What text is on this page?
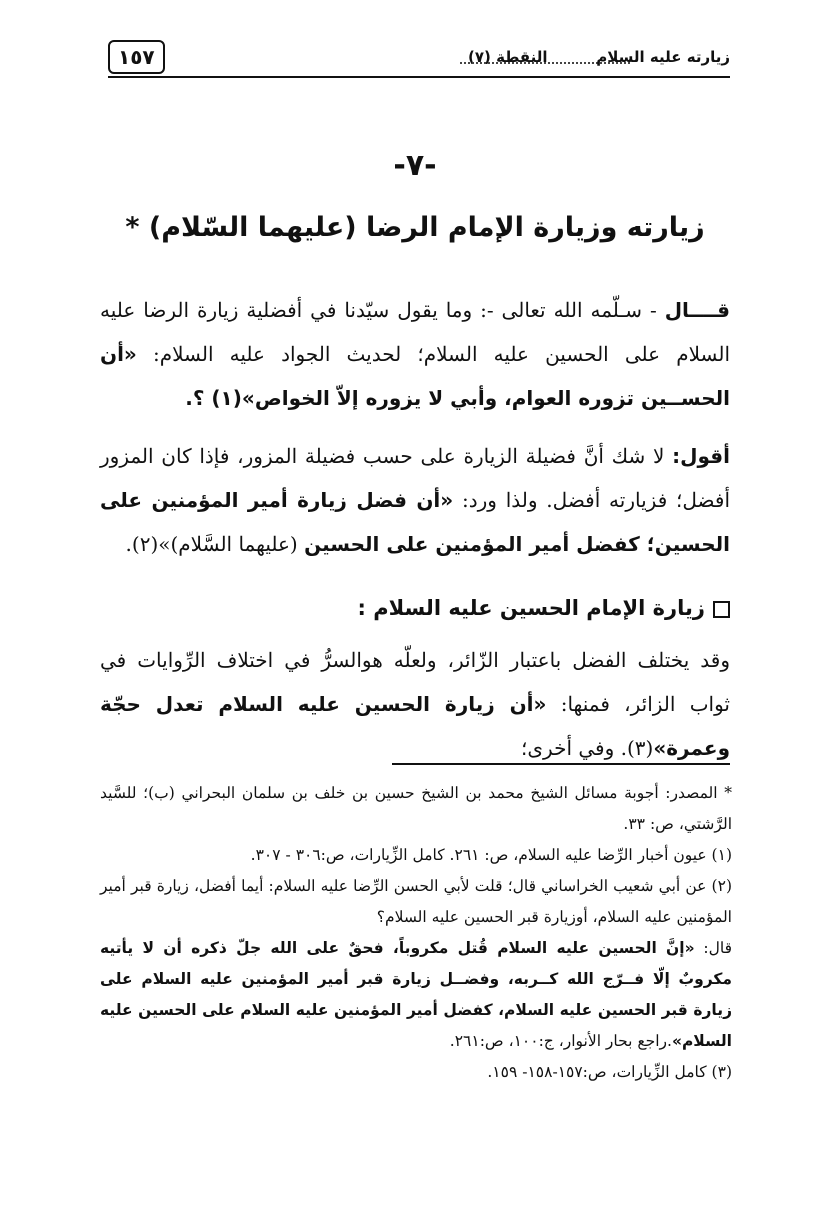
١٥٧	النقطة (٧)	زيارته عليه السلام
-٧-
زيارته وزيارة الإمام الرضا (عليهما السّلام) *

قــــال - سـلّمه الله تعالى -: وما يقول سيّدنا في أفضلية زيارة الرضا عليه السلام على الحسين عليه السلام؛ لحديث الجواد عليه السلام: «أن الحســين تزوره العوام، وأبي لا يزوره إلاّ الخواص»(١) ؟.

أقول: لا شك أنَّ فضيلة الزيارة على حسب فضيلة المزور، فإذا كان المزور أفضل؛ فزيارته أفضل. ولذا ورد: «أن فضل زيارة أمير المؤمنين على الحسين؛ كفضل أمير المؤمنين على الحسين (عليهما السَّلام)»(٢).

زيارة الإمام الحسين عليه السلام :

وقد يختلف الفضل باعتبار الزّائر، ولعلّه هوالسرُّ في اختلاف الرِّوايات في ثواب الزائر، فمنها: «أن زيارة الحسين عليه السلام تعدل حجّة وعمرة»(٣). وفي أخرى؛

* المصدر: أجوبة مسائل الشيخ محمد بن الشيخ حسين بن خلف بن سلمان البحراني (ب)؛ للسَّيد الرَّشتي، ص: ٣٣.

(١) عيون أخبار الرِّضا عليه السلام، ص: ٢٦١. كامل الزِّيارات، ص:٣٠٦ - ٣٠٧.

(٢) عن أبي شعيب الخراساني قال؛ قلت لأبي الحسن الرِّضا عليه السلام: أيما أفضل، زيارة قبر أمير المؤمنين عليه السلام، أوزيارة قبر الحسين عليه السلام؟

قال: «إنَّ الحسين عليه السلام قُتل مكروباً، فحقٌ على الله جلّ ذكره أن لا يأتيه مكروبٌ إلّا فــرّج الله كــربه، وفضــل زيارة قبر أمير المؤمنين عليه السلام على زيارة قبر الحسين عليه السلام، كفضل أمير المؤمنين عليه السلام على الحسين عليه السلام».راجع بحار الأنوار، ج:١٠٠، ص:٢٦١.

(٣) كامل الزِّيارات، ص:١٥٧-١٥٨- ١٥٩.
